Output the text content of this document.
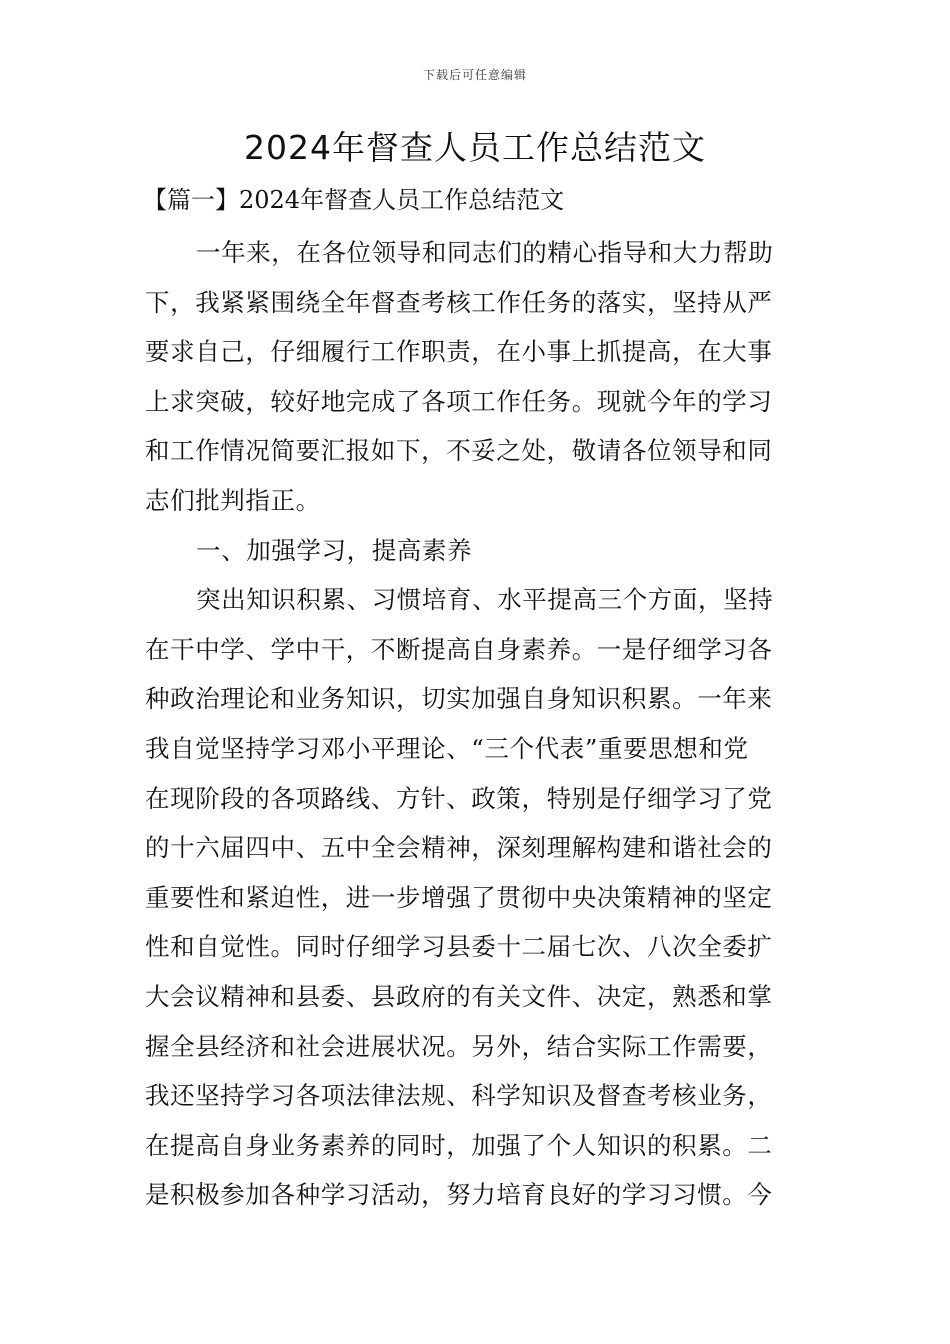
下载后可任意编辑
2024年督查人员工作总结范文
【篇一】2024年督查人员工作总结范文
一年来，在各位领导和同志们的精心指导和大力帮助
下，我紧紧围绕全年督查考核工作任务的落实，坚持从严
要求自己，仔细履行工作职责，在小事上抓提高，在大事
上求突破，较好地完成了各项工作任务。现就今年的学习
和工作情况简要汇报如下，不妥之处，敬请各位领导和同
志们批判指正。
一、加强学习，提高素养
突出知识积累、习惯培育、水平提高三个方面，坚持
在干中学、学中干，不断提高自身素养。一是仔细学习各
种政治理论和业务知识，切实加强自身知识积累。一年来
我自觉坚持学习邓小平理论、“三个代表”重要思想和党
在现阶段的各项路线、方针、政策，特别是仔细学习了党
的十六届四中、五中全会精神，深刻理解构建和谐社会的
重要性和紧迫性，进一步增强了贯彻中央决策精神的坚定
性和自觉性。同时仔细学习县委十二届七次、八次全委扩
大会议精神和县委、县政府的有关文件、决定，熟悉和掌
握全县经济和社会进展状况。另外，结合实际工作需要，
我还坚持学习各项法律法规、科学知识及督查考核业务，
在提高自身业务素养的同时，加强了个人知识的积累。二
是积极参加各种学习活动，努力培育良好的学习习惯。今
